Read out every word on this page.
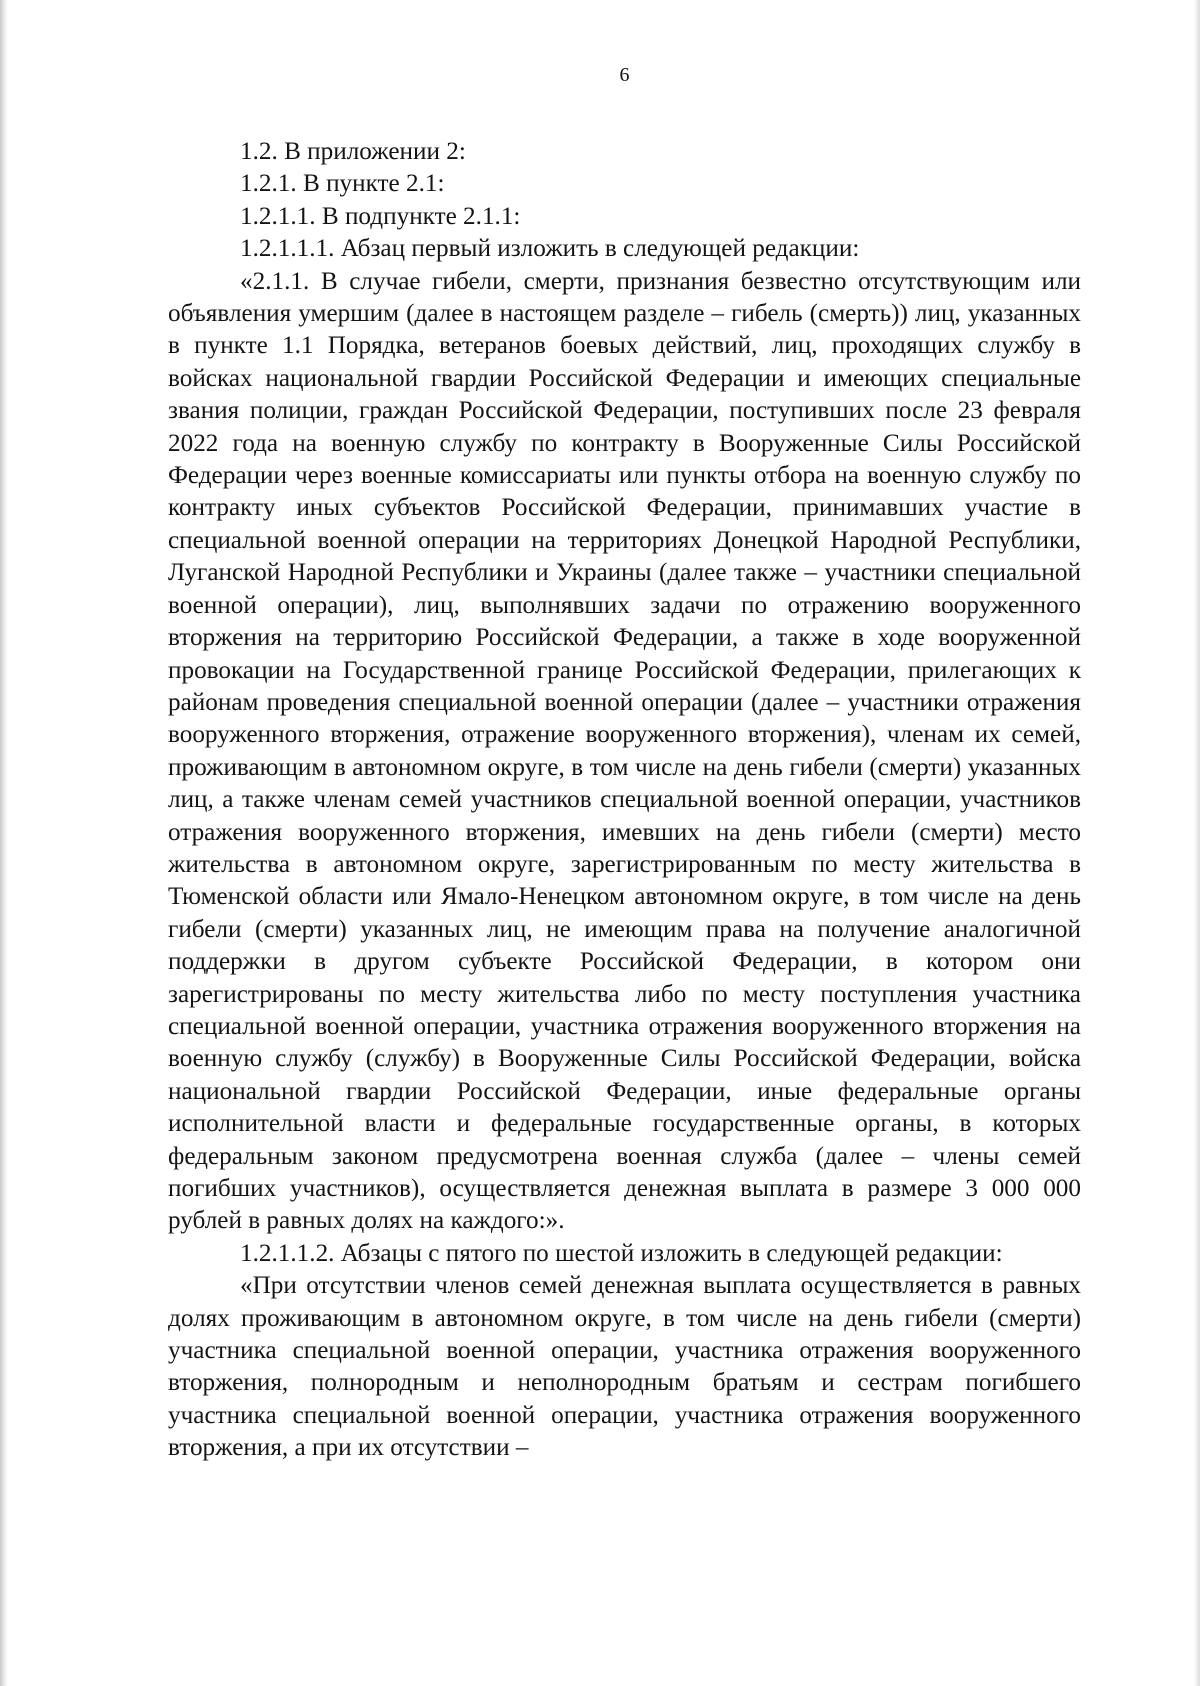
6

1.2. В приложении 2:

1.2.1. В пункте 2.1:

1.2.1.1. В подпункте 2.1.1:

1.2.1.1.1. Абзац первый изложить в следующей редакции:

«2.1.1. В случае гибели, смерти, признания безвестно отсутствующим или объявления умершим (далее в настоящем разделе – гибель (смерть)) лиц, указанных в пункте 1.1 Порядка, ветеранов боевых действий, лиц, проходящих службу в войсках национальной гвардии Российской Федерации и имеющих специальные звания полиции, граждан Российской Федерации, поступивших после 23 февраля 2022 года на военную службу по контракту в Вооруженные Силы Российской Федерации через военные комиссариаты или пункты отбора на военную службу по контракту иных субъектов Российской Федерации, принимавших участие в специальной военной операции на территориях Донецкой Народной Республики, Луганской Народной Республики и Украины (далее также – участники специальной военной операции), лиц, выполнявших задачи по отражению вооруженного вторжения на территорию Российской Федерации, а также в ходе вооруженной провокации на Государственной границе Российской Федерации, прилегающих к районам проведения специальной военной операции (далее – участники отражения вооруженного вторжения, отражение вооруженного вторжения), членам их семей, проживающим в автономном округе, в том числе на день гибели (смерти) указанных лиц, а также членам семей участников специальной военной операции, участников отражения вооруженного вторжения, имевших на день гибели (смерти) место жительства в автономном округе, зарегистрированным по месту жительства в Тюменской области или Ямало-Ненецком автономном округе, в том числе на день гибели (смерти) указанных лиц, не имеющим права на получение аналогичной поддержки в другом субъекте Российской Федерации, в котором они зарегистрированы по месту жительства либо по месту поступления участника специальной военной операции, участника отражения вооруженного вторжения на военную службу (службу) в Вооруженные Силы Российской Федерации, войска национальной гвардии Российской Федерации, иные федеральные органы исполнительной власти и федеральные государственные органы, в которых федеральным законом предусмотрена военная служба (далее – члены семей погибших участников), осуществляется денежная выплата в размере 3 000 000 рублей в равных долях на каждого:».

1.2.1.1.2. Абзацы с пятого по шестой изложить в следующей редакции:

«При отсутствии членов семей денежная выплата осуществляется в равных долях проживающим в автономном округе, в том числе на день гибели (смерти) участника специальной военной операции, участника отражения вооруженного вторжения, полнородным и неполнородным братьям и сестрам погибшего участника специальной военной операции, участника отражения вооруженного вторжения, а при их отсутствии –
